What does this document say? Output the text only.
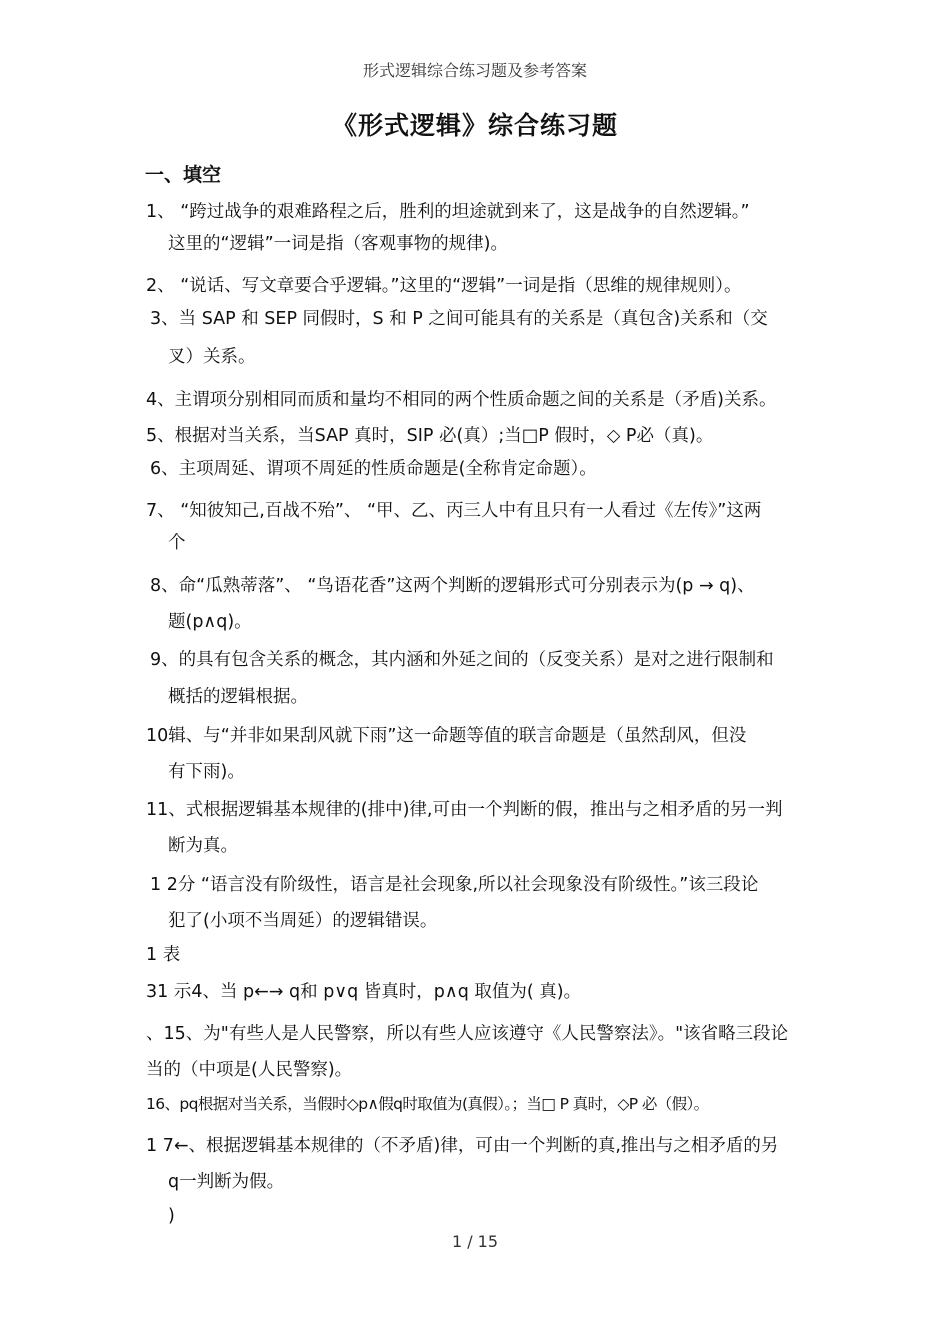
形式逻辑综合练习题及参考答案
《形式逻辑》综合练习题
一、填空
1、 “跨过战争的艰难路程之后，胜利的坦途就到来了，这是战争的自然逻辑。”
这里的“逻辑”一词是指（客观事物的规律)。
2、 “说话、写文章要合乎逻辑。”这里的“逻辑”一词是指（思维的规律规则）。
3、当 SAP 和 SEP 同假时，S 和 P 之间可能具有的关系是（真包含)关系和（交
叉）关系。
4、主谓项分别相同而质和量均不相同的两个性质命题之间的关系是（矛盾)关系。
5、根据对当关系，当SAP 真时，SIP 必(真）;当□P 假时，◇ P必（真)。
6、主项周延、谓项不周延的性质命题是(全称肯定命题）。
7、 “知彼知己,百战不殆”、 “甲、乙、丙三人中有且只有一人看过《左传》”这两
个
8、命“瓜熟蒂落”、 “鸟语花香”这两个判断的逻辑形式可分别表示为(p → q)、
题(p∧q)。
9、的具有包含关系的概念，其内涵和外延之间的（反变关系）是对之进行限制和
概括的逻辑根据。
10辑、与“并非如果刮风就下雨”这一命题等值的联言命题是（虽然刮风，但没
有下雨)。
11、式根据逻辑基本规律的(排中)律,可由一个判断的假，推出与之相矛盾的另一判
断为真。
1 2分 “语言没有阶级性，语言是社会现象,所以社会现象没有阶级性。”该三段论
犯了(小项不当周延）的逻辑错误。
1 表
31 示4、当 p←→ q和 p∨q 皆真时，p∧q 取值为( 真)。
、15、为"有些人是人民警察，所以有些人应该遵守《人民警察法》。"该省略三段论
当的（中项是(人民警察)。
16、pq根据对当关系，当假时◇p∧假q时取值为(真假）。；当□ P 真时，◇P 必（假）。
1 7←、根据逻辑基本规律的（不矛盾)律，可由一个判断的真,推出与之相矛盾的另
q一判断为假。
)
1 / 15
